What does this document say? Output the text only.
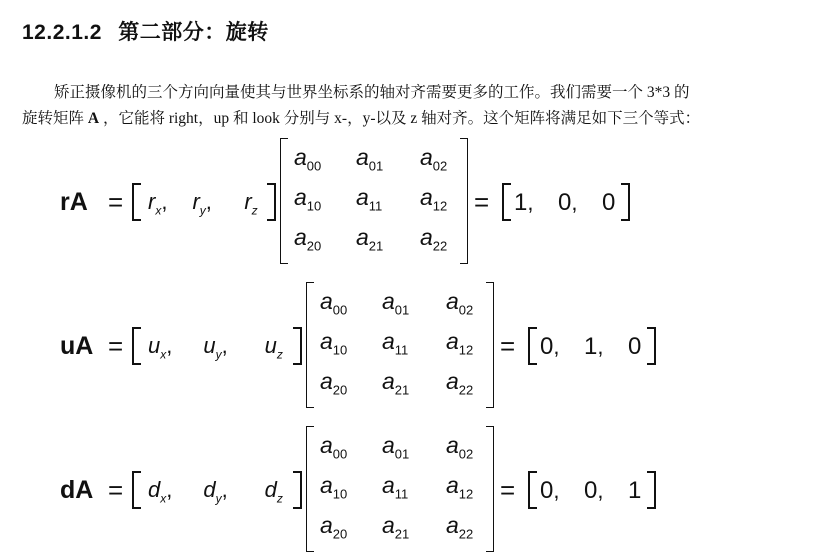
12.2.1.2 第二部分：旋转

矫正摄像机的三个方向向量使其与世界坐标系的轴对齐需要更多的工作。我们需要一个 3*3 的

旋转矩阵 A ，它能将 right，up 和 look 分别与 x-，y-以及 z 轴对齐。这个矩阵将满足如下三个等式：

rA = $r_x$, $r_y$, $r_z$
$a_{00}$ $a_{01}$ $a_{02}$
$a_{10}$ $a_{11}$ $a_{12}$
$a_{20}$ $a_{21}$ $a_{22}$
= 1, 0, 0
uA = $u_x$, $u_y$, $u_z$
$a_{00}$ $a_{01}$ $a_{02}$
$a_{10}$ $a_{11}$ $a_{12}$
$a_{20}$ $a_{21}$ $a_{22}$
= 0, 1, 0
dA = $d_x$, $d_y$, $d_z$
$a_{00}$ $a_{01}$ $a_{02}$
$a_{10}$ $a_{11}$ $a_{12}$
$a_{20}$ $a_{21}$ $a_{22}$
= 0, 0, 1
